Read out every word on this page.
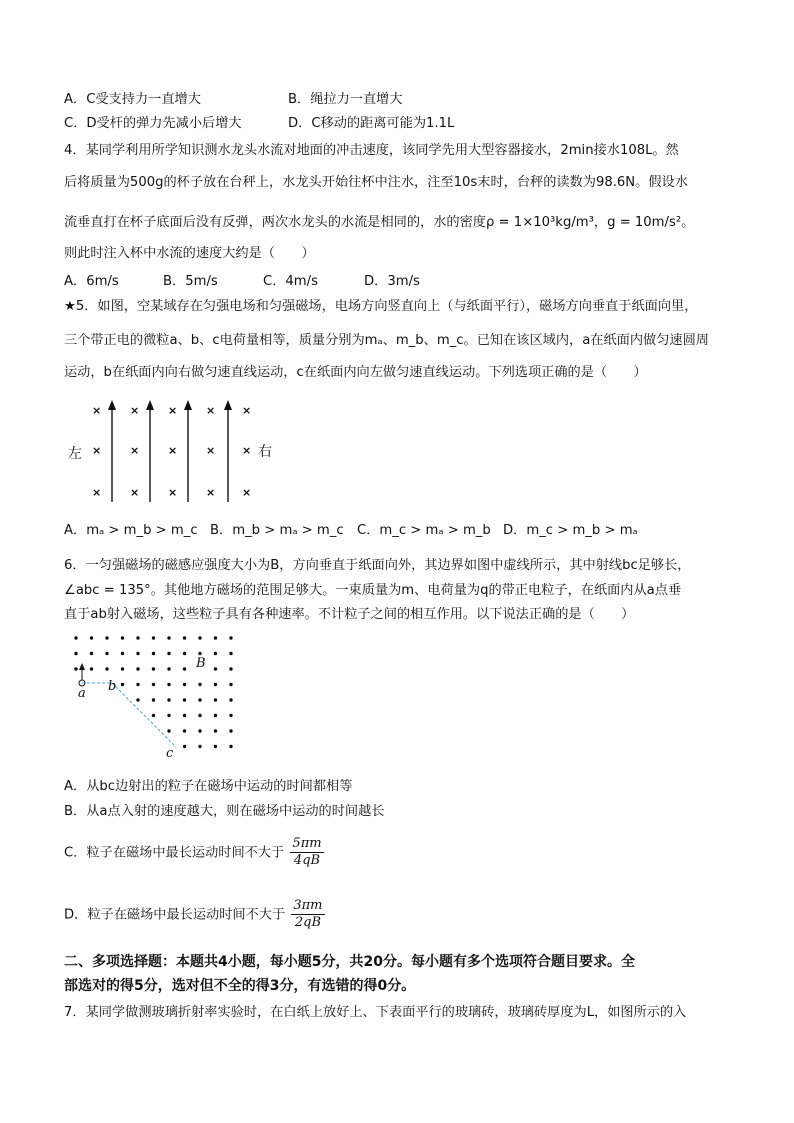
A．C受支持力一直增大	B．绳拉力一直增大
C．D受杆的弹力先减小后增大	D．C移动的距离可能为1.1L
4．某同学利用所学知识测水龙头水流对地面的冲击速度，该同学先用大型容器接水，2min接水108L。然
后将质量为500g的杯子放在台秤上，水龙头开始往杯中注水，注至10s末时，台秤的读数为98.6N。假设水
流垂直打在杯子底面后没有反弹，两次水龙头的水流是相同的，水的密度ρ = 1×10³kg/m³，g = 10m/s²。
则此时注入杯中水流的速度大约是（　　）
A．6m/s	B．5m/s	C．4m/s	D．3m/s
★5．如图，空某域存在匀强电场和匀强磁场，电场方向竖直向上（与纸面平行），磁场方向垂直于纸面向里，
三个带正电的微粒a、b、c电荷量相等，质量分别为mₐ、m_b、m_c。已知在该区域内，a在纸面内做匀速圆周
运动，b在纸面内向右做匀速直线运动，c在纸面内向左做匀速直线运动。下列选项正确的是（　　）
×	×	×	× ×
×	×	×	× ×
×	×	×	× ×
左	右
A．mₐ > m_b > m_c B．m_b > mₐ > m_c C．m_c > mₐ > m_b D．m_c > m_b > mₐ
6．一匀强磁场的磁感应强度大小为B，方向垂直于纸面向外，其边界如图中虚线所示，其中射线bc足够长，
∠abc = 135°。其他地方磁场的范围足够大。一束质量为m、电荷量为q的带正电粒子，在纸面内从a点垂
直于ab射入磁场，这些粒子具有各种速率。不计粒子之间的相互作用。以下说法正确的是（　　）
B
a b
c
A．从bc边射出的粒子在磁场中运动的时间都相等
B．从a点入射的速度越大，则在磁场中运动的时间越长
C．粒子在磁场中最长运动时间不大于 $\frac{5\pi m}{4qB}$
D．粒子在磁场中最长运动时间不大于 $\frac{3\pi m}{2qB}$
二、多项选择题：本题共4小题，每小题5分，共20分。每小题有多个选项符合题目要求。全
部选对的得5分，选对但不全的得3分，有选错的得0分。
7．某同学做测玻璃折射率实验时，在白纸上放好上、下表面平行的玻璃砖，玻璃砖厚度为L，如图所示的入
